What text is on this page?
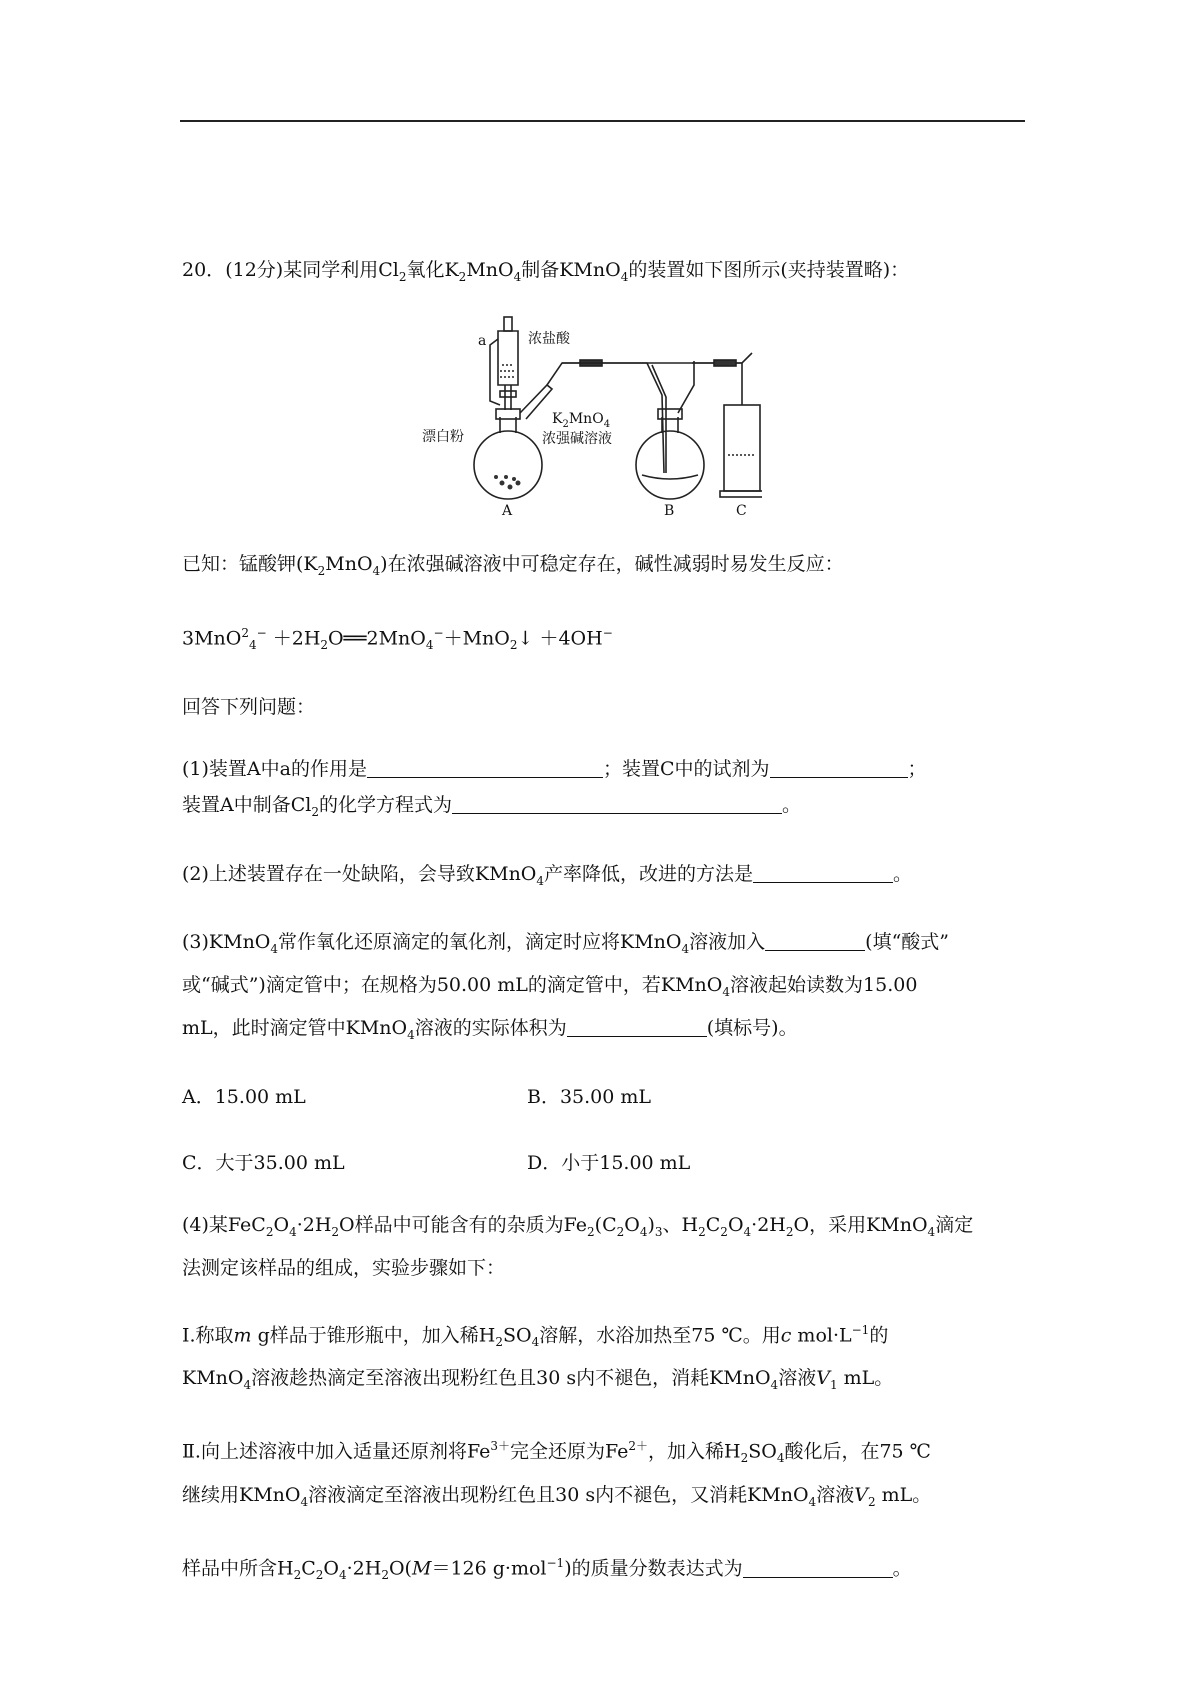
20．(12分)某同学利用$Cl_2$氧化$K_2MnO_4$制备KMnO$_4$的装置如下图所示(夹持装置略)：

a	浓盐酸
漂白粉
$K_2MnO_4$
浓强碱溶液
A	B	C

已知：锰酸钾$(K_2MnO_4)$在浓强碱溶液中可稳定存在，碱性减弱时易发生反应：

$3MnO^2_4^- +2H_2O══2MnO_4^-+MnO_2↓ +4OH^-$

回答下列问题：

(1)装置A中a的作用是	；装置C中的试剂为	；

装置A中制备$Cl_2$的化学方程式为	。

(2)上述装置存在一处缺陷，会导致KMnO$_4$产率降低，改进的方法是	。

(3)KMnO$_4$常作氧化还原滴定的氧化剂，滴定时应将KMnO$_4$溶液加入	(填“酸式”

或“碱式”)滴定管中；在规格为50.00 mL的滴定管中，若KMnO$_4$溶液起始读数为15.00

mL，此时滴定管中KMnO$_4$溶液的实际体积为	(填标号)。

A．15.00 mL	B．35.00 mL
C．大于35.00 mL	D．小于15.00 mL

(4)某$FeC_2O_4\cdot 2H_2O$样品中可能含有的杂质为$Fe_2(C_2O_4)_3$、$H_2C_2O_4\cdot 2H_2O$，采用KMnO$_4$滴定

法测定该样品的组成，实验步骤如下：

Ⅰ.称取m g样品于锥形瓶中，加入稀$H_2SO_4$溶解，水浴加热至75 ℃。用c $mol\cdot L^{-1}$的

KMnO$_4$溶液趁热滴定至溶液出现粉红色且30 s内不褪色，消耗KMnO$_4$溶液$V_1$ mL。

Ⅱ.向上述溶液中加入适量还原剂将$Fe^{3+}$完全还原为$Fe^{2+}$，加入稀$H_2SO_4$酸化后，在75 ℃

继续用KMnO$_4$溶液滴定至溶液出现粉红色且30 s内不褪色，又消耗KMnO$_4$溶液$V_2$ mL。

样品中所含$H_2C_2O_4\cdot 2H_2O(M=126$ g·mol$^{-1}$)的质量分数表达式为	。
